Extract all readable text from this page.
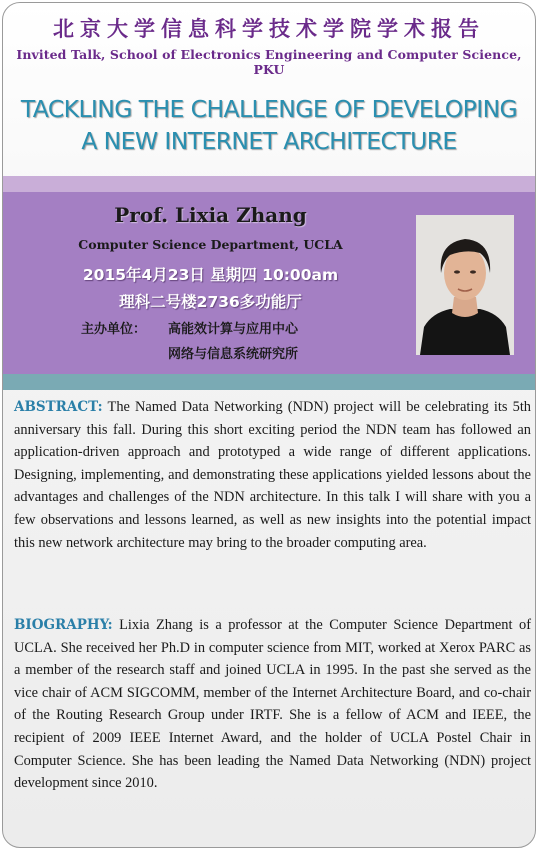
北京大学信息科学技术学院学术报告
Invited Talk, School of Electronics Engineering and Computer Science, PKU
TACKLING THE CHALLENGE OF DEVELOPING
A NEW INTERNET ARCHITECTURE
Prof. Lixia Zhang
Computer Science Department, UCLA
2015年4月23日 星期四 10:00am
理科二号楼2736多功能厅
主办单位： 高能效计算与应用中心
网络与信息系统研究所

ABSTRACT: The Named Data Networking (NDN) project will be celebrating its 5th anniversary this fall. During this short exciting period the NDN team has followed an application-driven approach and prototyped a wide range of different applications. Designing, implementing, and demonstrating these applications yielded lessons about the advantages and challenges of the NDN architecture. In this talk I will share with you a few observations and lessons learned, as well as new insights into the potential impact this new network architecture may bring to the broader computing area.

BIOGRAPHY: Lixia Zhang is a professor at the Computer Science Department of UCLA. She received her Ph.D in computer science from MIT, worked at Xerox PARC as a member of the research staff and joined UCLA in 1995. In the past she served as the vice chair of ACM SIGCOMM, member of the Internet Architecture Board, and co-chair of the Routing Research Group under IRTF. She is a fellow of ACM and IEEE, the recipient of 2009 IEEE Internet Award, and the holder of UCLA Postel Chair in Computer Science. She has been leading the Named Data Networking (NDN) project development since 2010.
